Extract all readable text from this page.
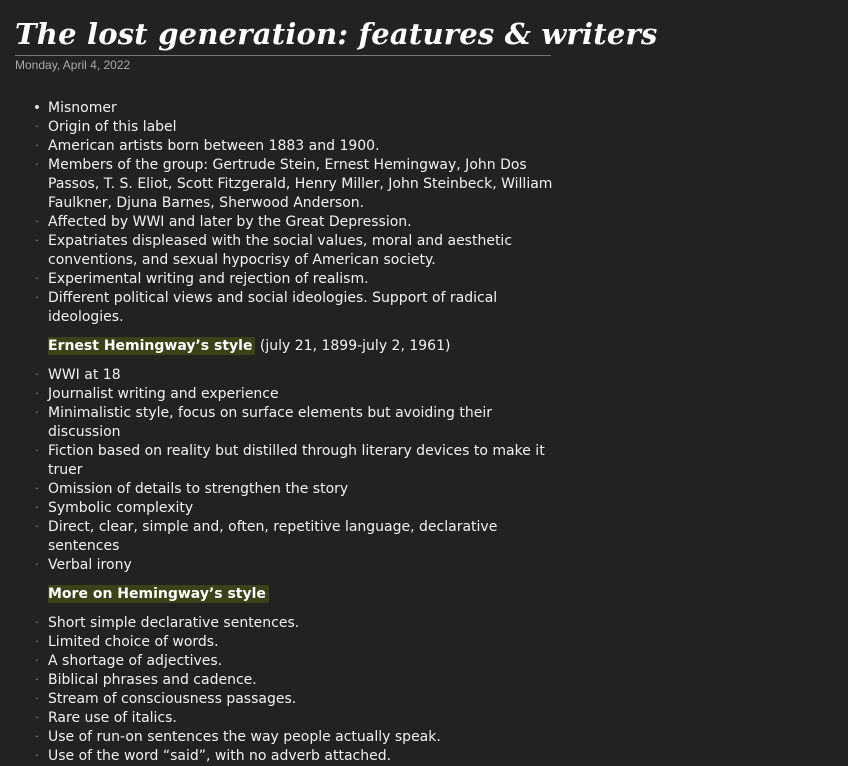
The lost generation: features & writers
Monday, April 4, 2022
• Misnomer
· Origin of this label
· American artists born between 1883 and 1900.
· Members of the group: Gertrude Stein, Ernest Hemingway, John Dos Passos, T. S. Eliot, Scott Fitzgerald, Henry Miller, John Steinbeck, William Faulkner, Djuna Barnes, Sherwood Anderson.
· Affected by WWI and later by the Great Depression.
· Expatriates displeased with the social values, moral and aesthetic conventions, and sexual hypocrisy of American society.
· Experimental writing and rejection of realism.
· Different political views and social ideologies. Support of radical ideologies.
Ernest Hemingway’s style (july 21, 1899-july 2, 1961)
· WWI at 18
· Journalist writing and experience
· Minimalistic style, focus on surface elements but avoiding their discussion
· Fiction based on reality but distilled through literary devices to make it truer
· Omission of details to strengthen the story
· Symbolic complexity
· Direct, clear, simple and, often, repetitive language, declarative sentences
· Verbal irony
More on Hemingway’s style
· Short simple declarative sentences.
· Limited choice of words.
· A shortage of adjectives.
· Biblical phrases and cadence.
· Stream of consciousness passages.
· Rare use of italics.
· Use of run-on sentences the way people actually speak.
· Use of the word “said”, with no adverb attached.
